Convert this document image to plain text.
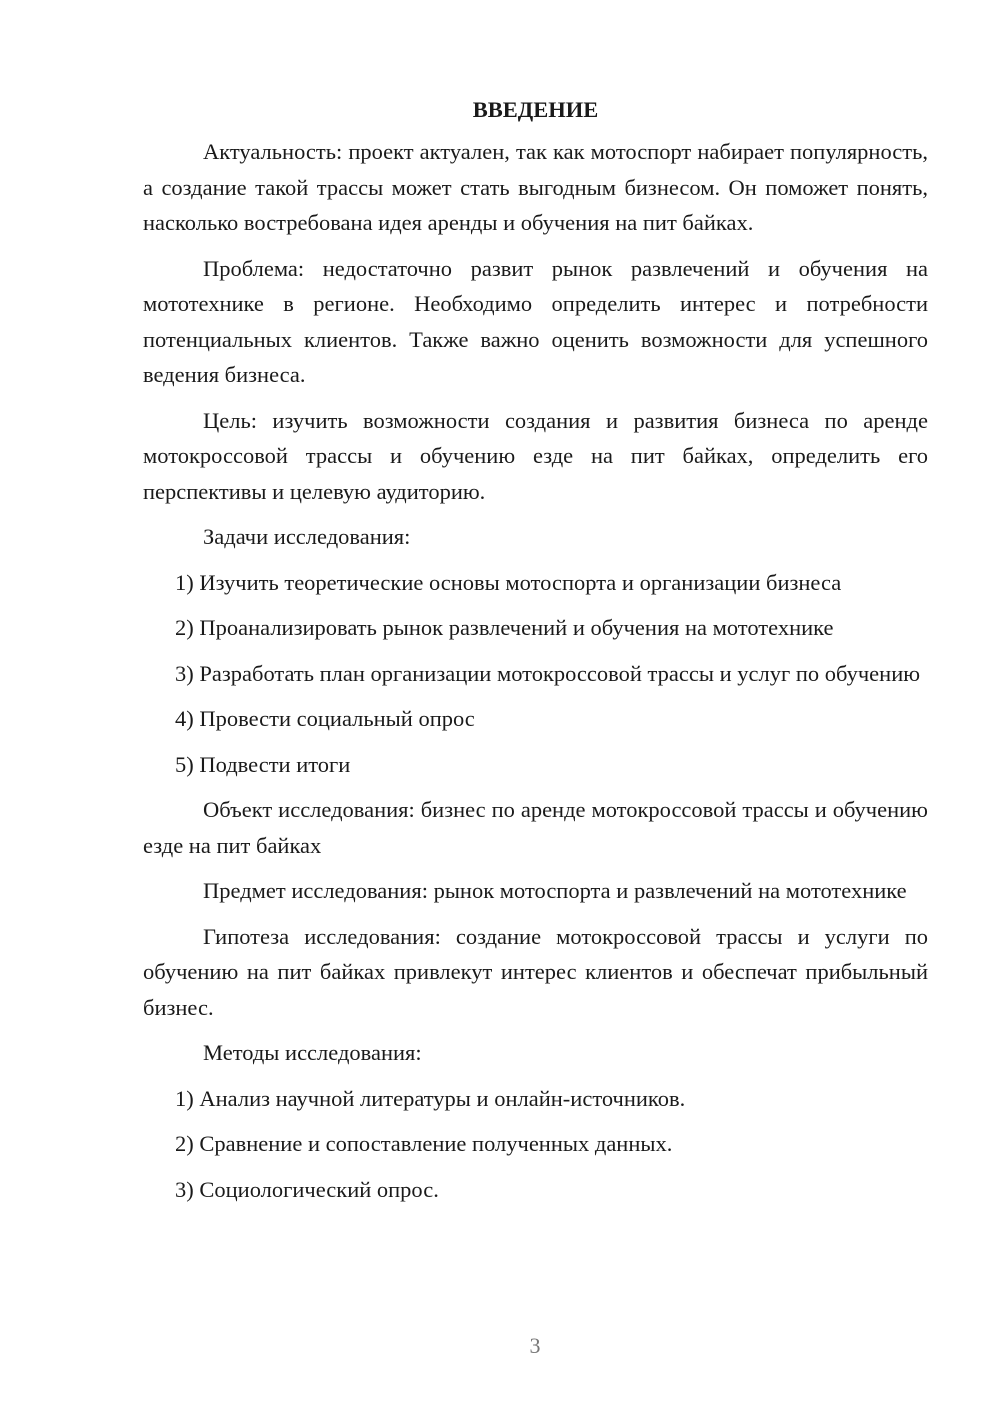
ВВЕДЕНИЕ

Актуальность: проект актуален, так как мотоспорт набирает популярность, а создание такой трассы может стать выгодным бизнесом. Он поможет понять, насколько востребована идея аренды и обучения на пит байках.

Проблема: недостаточно развит рынок развлечений и обучения на мототехнике в регионе. Необходимо определить интерес и потребности потенциальных клиентов. Также важно оценить возможности для успешного ведения бизнеса.

Цель: изучить возможности создания и развития бизнеса по аренде мотокроссовой трассы и обучению езде на пит байках, определить его перспективы и целевую аудиторию.

Задачи исследования:

1) Изучить теоретические основы мотоспорта и организации бизнеса

2) Проанализировать рынок развлечений и обучения на мототехнике

3) Разработать план организации мотокроссовой трассы и услуг по обучению

4) Провести социальный опрос

5) Подвести итоги

Объект исследования: бизнес по аренде мотокроссовой трассы и обучению езде на пит байках

Предмет исследования: рынок мотоспорта и развлечений на мототехнике

Гипотеза исследования: создание мотокроссовой трассы и услуги по обучению на пит байках привлекут интерес клиентов и обеспечат прибыльный бизнес.

Методы исследования:

1) Анализ научной литературы и онлайн-источников.

2) Сравнение и сопоставление полученных данных.

3) Социологический опрос.

3
